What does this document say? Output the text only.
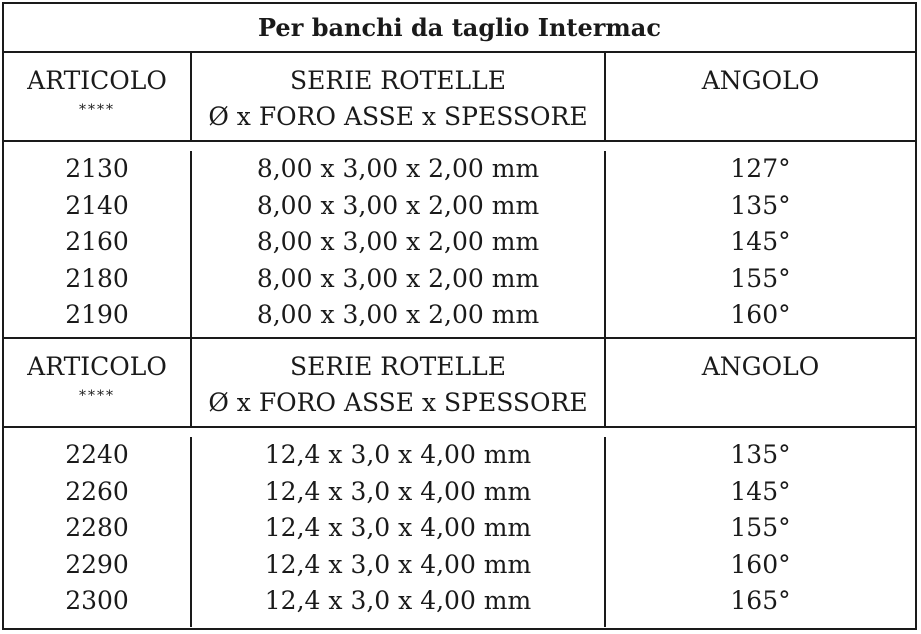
Per banchi da taglio Intermac
ARTICOLO
****
SERIE ROTELLE
Ø x FORO ASSE x SPESSORE
ANGOLO
2130
2140
2160
2180
2190
8,00 x 3,00 x 2,00 mm
8,00 x 3,00 x 2,00 mm
8,00 x 3,00 x 2,00 mm
8,00 x 3,00 x 2,00 mm
8,00 x 3,00 x 2,00 mm
127°
135°
145°
155°
160°
ARTICOLO
****
SERIE ROTELLE
Ø x FORO ASSE x SPESSORE
ANGOLO
2240
2260
2280
2290
2300
12,4 x 3,0 x 4,00 mm
12,4 x 3,0 x 4,00 mm
12,4 x 3,0 x 4,00 mm
12,4 x 3,0 x 4,00 mm
12,4 x 3,0 x 4,00 mm
135°
145°
155°
160°
165°
